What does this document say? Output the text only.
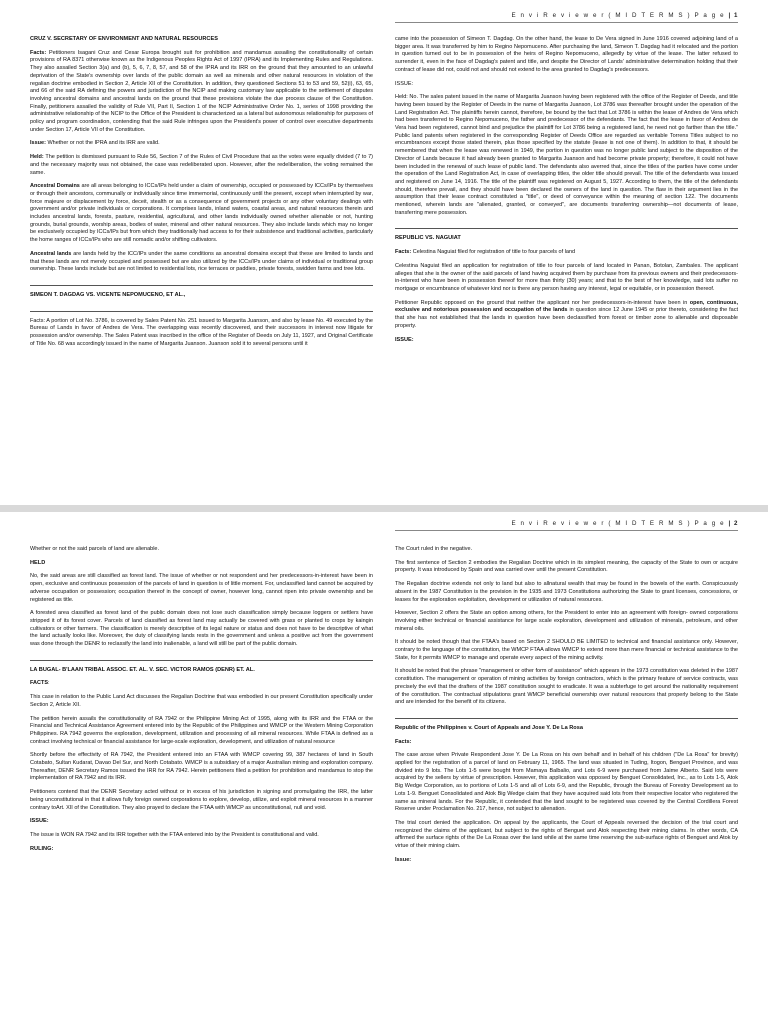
E n v i R e v i e w e r ( M I D T E R M S ) P a g e | 1

CRUZ V. SECRETARY OF ENVIRONMENT AND NATURAL RESOURCES

Facts: Petitioners Isagani Cruz and Cesar Europa brought suit for prohibition and mandamus assailing the constitutionality of certain provisions of RA 8371 otherwise known as the Indigenous Peoples Rights Act of 1997 (IPRA) and its Implementing Rules and Regulations. They also assailed Section 3(a) and (b), 5, 6, 7, 8, 57, and 58 of the IPRA and its IRR on the ground that they amounted to an unlawful deprivation of the State's ownership over lands of the public domain as well as minerals and other natural resources in violation of the regalian doctrine embodied in Section 2, Article XII of the Constitution. In addition, they questioned Sections 51 to 53 and 59, 52(i), 63, 65, and 66 of the said RA defining the powers and jurisdiction of the NCIP and making customary law applicable to the settlement of disputes involving ancestral domains and ancestral lands on the ground that these provisions violate the due process clause of the Constitution. Finally, petitioners assailed the validity of Rule VII, Part II, Section 1 of the NCIP Administrative Order No. 1, series of 1998 providing the administrative relationship of the NCIP to the Office of the President is characterized as a lateral but autonomous relationship for purposes of policy and program coordination, contending that the said Rule infringes upon the President's power of control over executive departments under Section 17, Article VII of the Constitution.

Issue: Whether or not the IPRA and its IRR are valid.

Held: The petition is dismissed pursuant to Rule 56, Section 7 of the Rules of Civil Procedure that as the votes were equally divided (7 to 7) and the necessary majority was not obtained, the case was redeliberated upon. However, after the redeliberation, the voting remained the same.

Ancestral Domains are all areas belonging to ICCs/IPs held under a claim of ownership, occupied or possessed by ICCs/IPs by themselves or through their ancestors, communally or individually since time immemorial, continuously until the present, except when interrupted by war, force majeure or displacement by force, deceit, stealth or as a consequence of government projects or any other voluntary dealings with government and/or private individuals or corporations. It comprises lands, inland waters, coastal areas, and natural resources therein and includes ancestral lands, forests, pasture, residential, agricultural, and other lands individually owned whether alienable or not, hunting grounds, burial grounds, worship areas, bodies of water, mineral and other natural resources. They also include lands which may no longer be exclusively occupied by ICCs/IPs but from which they traditionally had access to for their subsistence and traditional activities, particularly the home ranges of ICCs/IPs who are still nomadic and/or shifting cultivators.

Ancestral lands are lands held by the ICC/IPs under the same conditions as ancestral domains except that these are limited to lands and that these lands are not merely occupied and possessed but are also utilized by the ICCs/IPs under claims of individual or traditional group ownership. These lands include but are not limited to residential lots, rice terraces or paddies, private forests, swidden farms and tree lots.

SIMEON T. DAGDAG VS. VICENTE NEPOMUCENO, ET AL.,

Facts: A portion of Lot No. 3786, is covered by Sales Patent No. 251 issued to Margarita Juanson, and also by lease No. 49 executed by the Bureau of Lands in favor of Andres de Vera. The overlapping was recently discovered, and their successors in interest now litigate for possession and/or ownership. The Sales Patent was inscribed in the office of the Register of Deeds on July 11, 1927, and Original Certificate of Title No. 68 was accordingly issued in the name of Margarita Juanson. Juanson sold it to several persons until it

came into the possession of Simeon T. Dagdag. On the other hand, the lease to De Vera signed in June 1916 covered adjoining land of a bigger area. It was transferred by him to Regino Nepomuceno. After purchasing the land, Simeon T. Dagdag had it relocated and the portion in question turned out to be in possession of the heirs of Regino Nepomuceno, allegedly by virtue of the lease. The latter refused to surrender it, even in the face of Dagdag's patent and title, and despite the Director of Lands' administrative determination holding that their contract of lease did not, could not and should not extend to the area granted to Dagdag's predecessors.

ISSUE:

Held: No. The sales patent issued in the name of Margarita Juanson having been registered with the office of the Register of Deeds, and title having been issued by the Register of Deeds in the name of Margarita Juanson, Lot 3786 was thereafter brought under the operation of the Land Registration Act. The plaintiffs herein cannot, therefore, be bound by the fact that Lot 3786 is within the lease of Andres de Vera which had been transferred to Regino Nepomuceno, the father and predecessor of the defendants. The fact that the lease in favor of Andres de Vera had been registered, cannot bind and prejudice the plaintiff for Lot 3786 being a registered land, he need not go farther than the title." Public land patents when registered in the corresponding Register of Deeds Office are regarded as veritable Torrens Titles subject to no encumbrances except those stated therein, plus those specified by the statute (lease is not one of them). In addition to that, it should be remembered that when the lease was renewed in 1949, the portion in question was no longer public land subject to the disposition of the Director of Lands because it had already been granted to Margarita Juanson and had become private property; therefore, it could not have been included in the renewal of such lease of public land. The defendants also averred that, since the titles of the parties have come under the operation of the Land Registration Act, in case of overlapping titles, the older title should prevail. The title of the defendants was issued and registered on June 14, 1916. The title of the plaintiff was registered on August 5, 1927. According to them, the title of the defendants should, therefore prevail, and they should have been declared the owners of the land in question. The flaw in their argument lies in the assumption that their lease contract constituted a "title", or deed of conveyance within the meaning of section 122. The documents mentioned, wherein lands are "alienated, granted, or conveyed", are documents transferring ownership—not documents of lease, transferring mere possession.

REPUBLIC VS. NAGUIAT

Facts: Celestina Naguiat filed for registration of title to four parcels of land

Celestina Naguiat filed an application for registration of title to four parcels of land located in Panan, Botolan, Zambales. The applicant alleges that she is the owner of the said parcels of land having acquired them by purchase from its previous owners and their predecessors-in-interest who have been in possession thereof for more than thirty (30) years; and that to the best of her knowledge, said lots suffer no mortgage or encumbrance of whatever kind nor is there any person having any interest, legal or equitable, or in possession thereof.

Petitioner Republic opposed on the ground that neither the applicant nor her predecessors-in-interest have been in open, continuous, exclusive and notorious possession and occupation of the lands in question since 12 June 1945 or prior thereto, considering the fact that she has not established that the lands in question have been declassified from forest or timber zone to alienable and disposable property.

ISSUE:

E n v i R e v i e w e r ( M I D T E R M S ) P a g e | 2

Whether or not the said parcels of land are alienable.

HELD

No, the said areas are still classified as forest land. The issue of whether or not respondent and her predecessors-in-interest have been in open, exclusive and continuous possession of the parcels of land in question is of little moment. For, unclassified land cannot be acquired by adverse occupation or possession; occupation thereof in the concept of owner, however long, cannot ripen into private ownership and be registered as title.

A forested area classified as forest land of the public domain does not lose such classification simply because loggers or settlers have stripped it of its forest cover. Parcels of land classified as forest land may actually be covered with grass or planted to crops by kaingin cultivators or other farmers. The classification is merely descriptive of its legal nature or status and does not have to be descriptive of what the land actually looks like. Moreover, the duty of classifying lands rests in the government and unless a positive act from the government was done through the DENR to reclassify the land into inalienable, a land will still be part of the public domain.

LA BUGAL- B'LAAN TRIBAL ASSOC. ET. AL. V. SEC. VICTOR RAMOS (DENR) ET. AL.

FACTS:

This case in relation to the Public Land Act discusses the Regalian Doctrine that was embodied in our present Constitution specifically under Section 2, Article XII.

The petition herein assails the constitutionality of RA 7942 or the Philippine Mining Act of 1995, along with its IRR and the FTAA or the Financial and Technical Assistance Agreement entered into by the Republic of the Philippines and WMCP or the Western Mining Corporation Philippines. RA 7942 governs the exploration, development, utilization and processing of all mineral resources. While FTAA is defined as a contract involving technical or financial assistance for large-scale exploration, development, and utilization of natural resource

Shortly before the effectivity of RA 7942, the President entered into an FTAA with WMCP covering 99, 387 hectares of land in South Cotabato, Sultan Kudarat, Davao Del Sur, and North Cotabato. WMCP is a subsidiary of a major Australian mining and exploration company. Thereafter, DENR Secretary Ramos issued the IRR for RA 7942. Herein petitioners filed a petition for prohibition and mandamus to stop the implementation of RA 7942 and its IRR.

Petitioners contend that the DENR Secretary acted without or in excess of his jurisdiction in signing and promulgating the IRR, the latter being unconstitutional in that it allows fully foreign owned corporations to explore, develop, utilize, and exploit mineral resources in a manner contrary toArt. XII of the Constitution. They also prayed to declare the FTAA with WMCP as unconstitutional, null and void.

ISSUE:

The issue is WON RA 7942 and its IRR together with the FTAA entered into by the President is constitutional and valid.

RULING:

The Court ruled in the negative.

The first sentence of Section 2 embodies the Regalian Doctrine which in its simplest meaning, the capacity of the State to own or acquire property. It was introduced by Spain and was carried over until the present Constitution.

The Regalian doctrine extends not only to land but also to allnatural wealth that may be found in the bowels of the earth. Conspicuously absent in the 1987 Constitution is the provision in the 1935 and 1973 Constitutions authorizing the State to grant licenses, concessions, or leases for the exploration exploitation, development or utilization of natural resources.

However, Section 2 offers the State an option among others, for the President to enter into an agreement with foreign- owned corporations involving either technical or financial assistance for large scale exploration, development and utilization of minerals, petroleum, and other mineral oils.

It should be noted though that the FTAA's based on Section 2 SHOULD BE LIMITED to technical and financial assistance only. However, contrary to the language of the constitution, the WMCP FTAA allows WMCP to extend more than mere financial or technical assistance to the State, for it permits WMCP to manage and operate every aspect of the mining activity.

It should be noted that the phrase "management or other form of assistance" which appears in the 1973 constitution was deleted in the 1987 constitution. The management or operation of mining activities by foreign contractors, which is the primary feature of service contracts, was precisely the evil that the drafters of the 1987 constitution sought to eradicate. It was a subterfuge to get around the nationality requirement of the constitution. The contractual stipulations grant WMCP beneficial ownership over natural resources that properly belong to the State and are intended for the benefit of its citizens.

Republic of the Philippines v. Court of Appeals and Jose Y. De La Rosa

Facts:

The case arose when Private Respondent Jose Y. De La Rosa on his own behalf and in behalf of his children ("De La Rosa" for brevity) applied for the registration of a parcel of land on February 11, 1965. The land was situated in Tuding, Itogon, Benguet Province, and was divided into 9 lots. The Lots 1-5 were bought from Mamaya Balbalio, and Lots 6-9 were purchased from Jaime Alberto. Said lots were acquired by the sellers by virtue of prescription. However, this application was opposed by Benguet Consolidated, Inc., as to Lots 1-5, Atok Big Wedge Corporation, as to portions of Lots 1-5 and all of Lots 6-9, and the Republic, through the Bureau of Forestry Development as to Lots 1-9. Benguet Consolidated and Atok Big Wedge claim that they have acquired said lots from their respective locator who registered the same as mineral lands. For the Republic, it contended that the land sought to be registered was covered by the Central Cordillera Forest Reserve under Proclamation No. 217, hence, not subject to alienation.

The trial court denied the application. On appeal by the applicants, the Court of Appeals reversed the decision of the trial court and recognized the claims of the applicant, but subject to the rights of Benguet and Atok respecting their mining claims. In other words, CA affirmed the surface rights of the De La Rosas over the land while at the same time reserving the sub-surface rights of Benguet and Atok by virtue of their mining claim.

Issue:
